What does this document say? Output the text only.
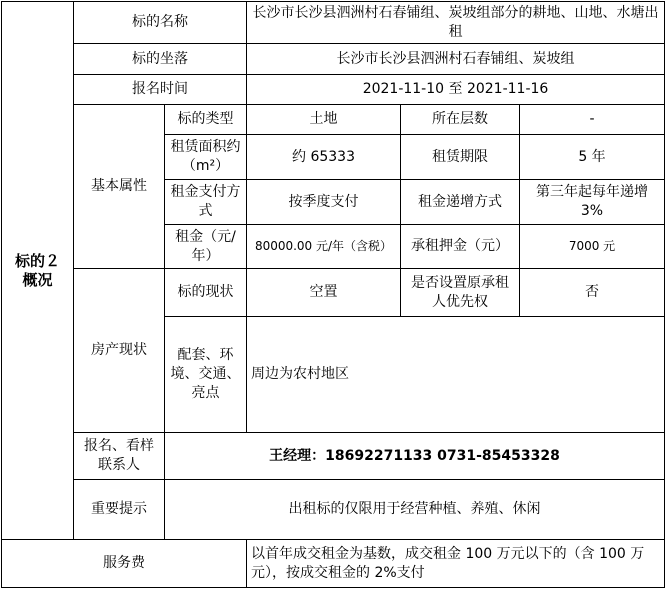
标的２
概况	标的名称		长沙市长沙县泗洲村石春铺组、炭坡组部分的耕地、山地、水塘出租		
	标的坐落		长沙市长沙县泗洲村石春铺组、炭坡组		
	报名时间		2021-11-10 至 2021-11-16		
	基本属性	标的类型	土地	所在层数	-
		租赁面积约（m²）	约 65333	租赁期限	5 年
		租金支付方式	按季度支付	租金递增方式	第三年起每年递增 3%
		租金（元/年）	80000.00 元/年（含税）	承租押金（元）	7000 元
	房产现状	标的现状	空置	是否设置原承租人优先权	否
		配套、环境、交通、亮点	周边为农村地区		
	报名、看样联系人	王经理：18692271133 0731-85453328			
	重要提示	出租标的仅限用于经营种植、养殖、休闲			
服务费			以首年成交租金为基数，成交租金 100 万元以下的（含 100 万元），按成交租金的 2%支付		
